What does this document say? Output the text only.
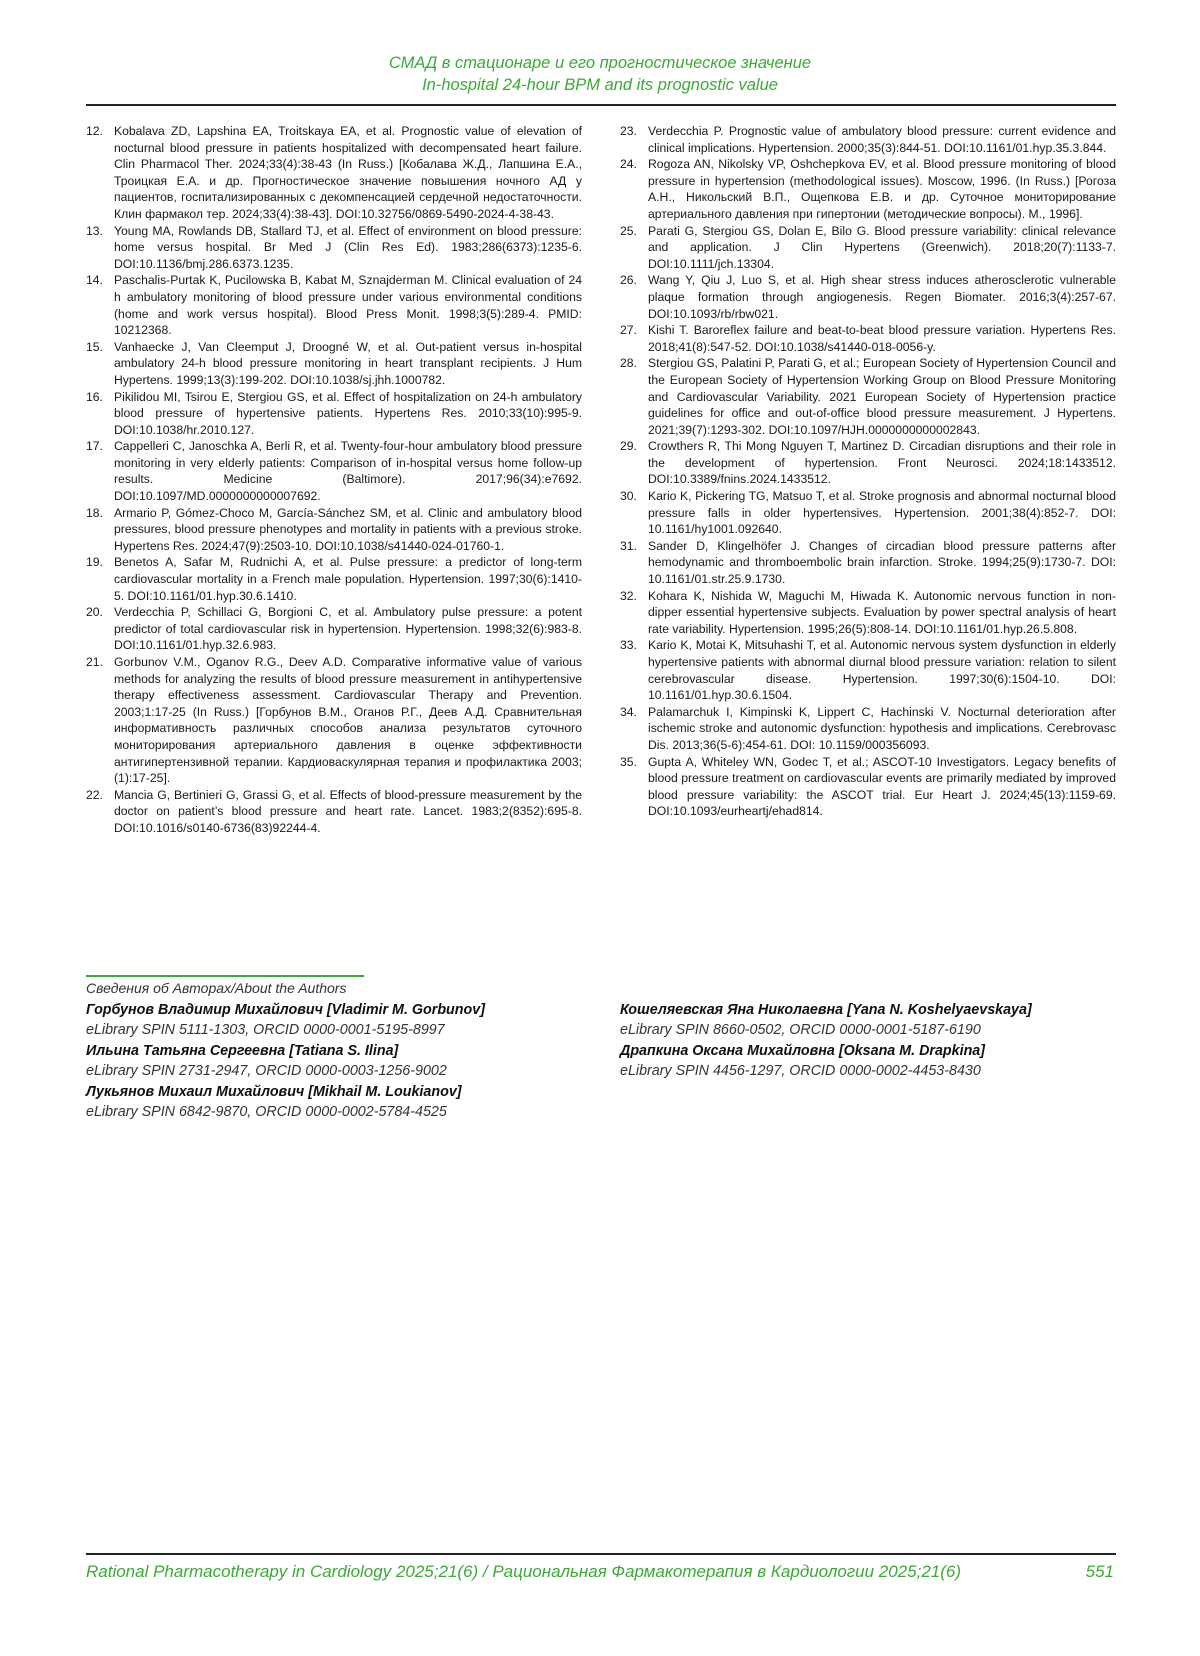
СМАД в стационаре и его прогностическое значение
In-hospital 24-hour BPM and its prognostic value
12. Kobalava ZD, Lapshina EA, Troitskaya EA, et al. Prognostic value of elevation of nocturnal blood pressure in patients hospitalized with decompensated heart failure. Clin Pharmacol Ther. 2024;33(4):38-43 (In Russ.) [Кобалава Ж.Д., Лапшина Е.А., Троицкая Е.А. и др. Прогностическое значение повышения ночного АД у пациентов, госпитализированных с декомпенсацией сердечной недостаточности. Клин фармакол тер. 2024;33(4):38-43]. DOI:10.32756/0869-5490-2024-4-38-43.
13. Young MA, Rowlands DB, Stallard TJ, et al. Effect of environment on blood pressure: home versus hospital. Br Med J (Clin Res Ed). 1983;286(6373):1235-6. DOI:10.1136/bmj.286.6373.1235.
14. Paschalis-Purtak K, Pucilowska B, Kabat M, Sznajderman M. Clinical evaluation of 24 h ambulatory monitoring of blood pressure under various environmental conditions (home and work versus hospital). Blood Press Monit. 1998;3(5):289-4. PMID: 10212368.
15. Vanhaecke J, Van Cleemput J, Droogné W, et al. Out-patient versus in-hospital ambulatory 24-h blood pressure monitoring in heart transplant recipients. J Hum Hypertens. 1999;13(3):199-202. DOI:10.1038/sj.jhh.1000782.
16. Pikilidou MI, Tsirou E, Stergiou GS, et al. Effect of hospitalization on 24-h ambulatory blood pressure of hypertensive patients. Hypertens Res. 2010;33(10):995-9. DOI:10.1038/hr.2010.127.
17. Cappelleri C, Janoschka A, Berli R, et al. Twenty-four-hour ambulatory blood pressure monitoring in very elderly patients: Comparison of in-hospital versus home follow-up results. Medicine (Baltimore). 2017;96(34):e7692. DOI:10.1097/MD.0000000000007692.
18. Armario P, Gómez-Choco M, García-Sánchez SM, et al. Clinic and ambulatory blood pressures, blood pressure phenotypes and mortality in patients with a previous stroke. Hypertens Res. 2024;47(9):2503-10. DOI:10.1038/s41440-024-01760-1.
19. Benetos A, Safar M, Rudnichi A, et al. Pulse pressure: a predictor of long-term cardiovascular mortality in a French male population. Hypertension. 1997;30(6):1410-5. DOI:10.1161/01.hyp.30.6.1410.
20. Verdecchia P, Schillaci G, Borgioni C, et al. Ambulatory pulse pressure: a potent predictor of total cardiovascular risk in hypertension. Hypertension. 1998;32(6):983-8. DOI:10.1161/01.hyp.32.6.983.
21. Gorbunov V.M., Oganov R.G., Deev A.D. Comparative informative value of various methods for analyzing the results of blood pressure measurement in antihypertensive therapy effectiveness assessment. Cardiovascular Therapy and Prevention. 2003;1:17-25 (In Russ.) [Горбунов В.М., Оганов Р.Г., Деев А.Д. Сравнительная информативность различных способов анализа результатов суточного мониторирования артериального давления в оценке эффективности антигипертензивной терапии. Кардиоваскулярная терапия и профилактика 2003;(1):17-25].
22. Mancia G, Bertinieri G, Grassi G, et al. Effects of blood-pressure measurement by the doctor on patient’s blood pressure and heart rate. Lancet. 1983;2(8352):695-8. DOI:10.1016/s0140-6736(83)92244-4.
23. Verdecchia P. Prognostic value of ambulatory blood pressure: current evidence and clinical implications. Hypertension. 2000;35(3):844-51. DOI:10.1161/01.hyp.35.3.844.
24. Rogoza AN, Nikolsky VP, Oshchepkova EV, et al. Blood pressure monitoring of blood pressure in hypertension (methodological issues). Moscow, 1996. (In Russ.) [Рогоза А.Н., Никольский В.П., Ощепкова Е.В. и др. Суточное мониторирование артериального давления при гипертонии (методические вопросы). М., 1996].
25. Parati G, Stergiou GS, Dolan E, Bilo G. Blood pressure variability: clinical relevance and application. J Clin Hypertens (Greenwich). 2018;20(7):1133-7. DOI:10.1111/jch.13304.
26. Wang Y, Qiu J, Luo S, et al. High shear stress induces atherosclerotic vulnerable plaque formation through angiogenesis. Regen Biomater. 2016;3(4):257-67. DOI:10.1093/rb/rbw021.
27. Kishi T. Baroreflex failure and beat-to-beat blood pressure variation. Hypertens Res. 2018;41(8):547-52. DOI:10.1038/s41440-018-0056-y.
28. Stergiou GS, Palatini P, Parati G, et al.; European Society of Hypertension Council and the European Society of Hypertension Working Group on Blood Pressure Monitoring and Cardiovascular Variability. 2021 European Society of Hypertension practice guidelines for office and out-of-office blood pressure measurement. J Hypertens. 2021;39(7):1293-302. DOI:10.1097/HJH.0000000000002843.
29. Crowthers R, Thi Mong Nguyen T, Martinez D. Circadian disruptions and their role in the development of hypertension. Front Neurosci. 2024;18:1433512. DOI:10.3389/fnins.2024.1433512.
30. Kario K, Pickering TG, Matsuo T, et al. Stroke prognosis and abnormal nocturnal blood pressure falls in older hypertensives. Hypertension. 2001;38(4):852-7. DOI: 10.1161/hy1001.092640.
31. Sander D, Klingelhöfer J. Changes of circadian blood pressure patterns after hemodynamic and thromboembolic brain infarction. Stroke. 1994;25(9):1730-7. DOI: 10.1161/01.str.25.9.1730.
32. Kohara K, Nishida W, Maguchi M, Hiwada K. Autonomic nervous function in non-dipper essential hypertensive subjects. Evaluation by power spectral analysis of heart rate variability. Hypertension. 1995;26(5):808-14. DOI:10.1161/01.hyp.26.5.808.
33. Kario K, Motai K, Mitsuhashi T, et al. Autonomic nervous system dysfunction in elderly hypertensive patients with abnormal diurnal blood pressure variation: relation to silent cerebrovascular disease. Hypertension. 1997;30(6):1504-10. DOI: 10.1161/01.hyp.30.6.1504.
34. Palamarchuk I, Kimpinski K, Lippert C, Hachinski V. Nocturnal deterioration after ischemic stroke and autonomic dysfunction: hypothesis and implications. Cerebrovasc Dis. 2013;36(5-6):454-61. DOI: 10.1159/000356093.
35. Gupta A, Whiteley WN, Godec T, et al.; ASCOT-10 Investigators. Legacy benefits of blood pressure treatment on cardiovascular events are primarily mediated by improved blood pressure variability: the ASCOT trial. Eur Heart J. 2024;45(13):1159-69. DOI:10.1093/eurheartj/ehad814.
Сведения об Авторах/About the Authors
Горбунов Владимир Михайлович [Vladimir M. Gorbunov]
eLibrary SPIN 5111-1303, ORCID 0000-0001-5195-8997
Ильина Татьяна Сергеевна [Tatiana S. Ilina]
eLibrary SPIN 2731-2947, ORCID 0000-0003-1256-9002
Лукьянов Михаил Михайлович [Mikhail M. Loukianov]
eLibrary SPIN 6842-9870, ORCID 0000-0002-5784-4525
Кошеляевская Яна Николаевна [Yana N. Koshelyaevskaya]
eLibrary SPIN 8660-0502, ORCID 0000-0001-5187-6190
Драпкина Оксана Михайловна [Oksana M. Drapkina]
eLibrary SPIN 4456-1297, ORCID 0000-0002-4453-8430
Rational Pharmacotherapy in Cardiology 2025;21(6) / Рациональная Фармакотерапия в Кардиологии 2025;21(6)	551
